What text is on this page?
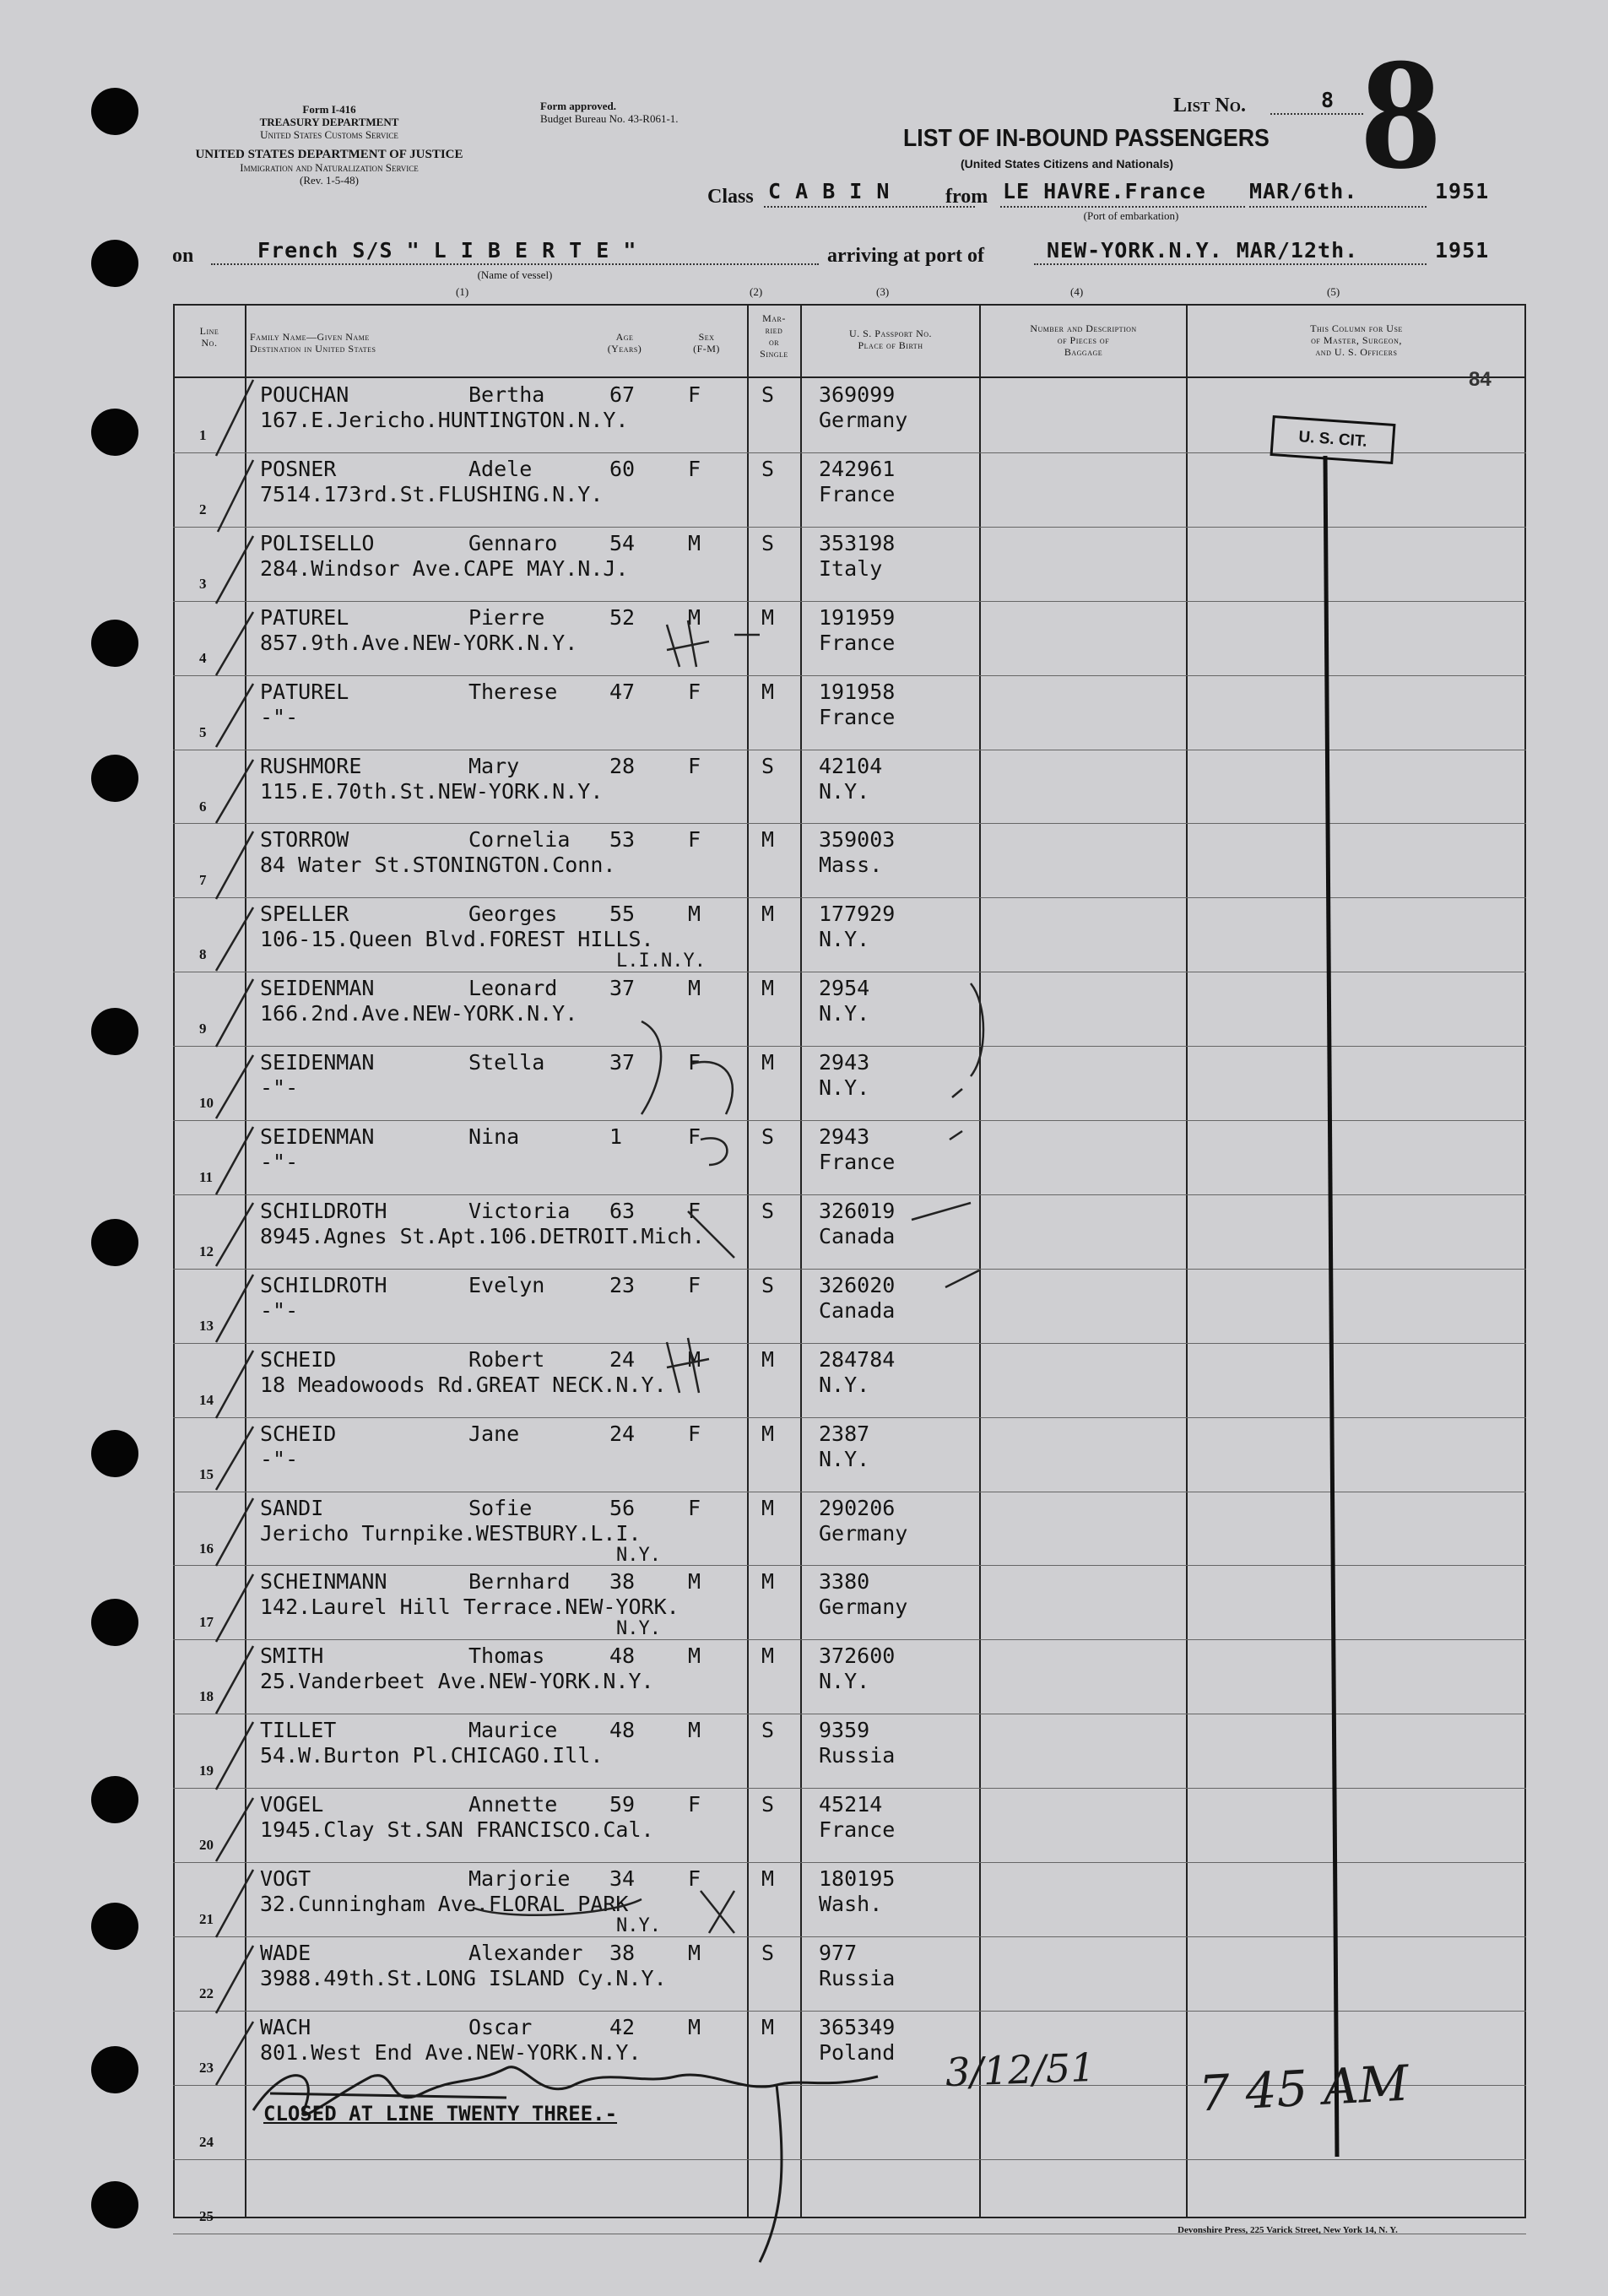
Form I-416
TREASURY DEPARTMENT
United States Customs Service
Form approved.
Budget Bureau No. 43-R061-1.
UNITED STATES DEPARTMENT OF JUSTICE
Immigration and Naturalization Service
(Rev. 1-5-48)
List No.	8 8
LIST OF IN-BOUND PASSENGERS
(United States Citizens and Nationals)
Class C A B I N	from LE HAVRE.France
(Port of embarkation)
MAR/6th.	1951
on	French S/S " L I B E R T E "
(Name of vessel)
arriving at port of	NEW-YORK.N.Y. MAR/12th.	1951
(1)	(2)	(3)	(4)	(5)
Line No.	Family Name—Given Name
Destination in United States
Age
(Years)
Sex
(F-M)
Mar-
ried
or
Single
U. S. Passport No.
Place of Birth
Number and Description
of Pieces of
Baggage
This Column for Use
of Master, Surgeon,
and U. S. Officers
1
POUCHAN	Bertha	67	F	S 369099
167.E.Jericho.HUNTINGTON.N.Y.	Germany
2
POSNER	Adele	60	F	S 242961
7514.173rd.St.FLUSHING.N.Y.	France
3
POLISELLO	Gennaro 54	M	S 353198
284.Windsor Ave.CAPE MAY.N.J.	Italy
4
PATUREL	Pierre	52	M	M 191959
857.9th.Ave.NEW-YORK.N.Y.	France
5
PATUREL	Therese 47	F	M 191958
-"-	France
6
RUSHMORE	Mary	28	F	S 42104
115.E.70th.St.NEW-YORK.N.Y.	N.Y.
7
STORROW	Cornelia 53	F	M 359003
84 Water St.STONINGTON.Conn.	Mass.
8
SPELLER	Georges 55	M	M 177929
106-15.Queen Blvd.FOREST HILLS.	N.Y.
L.I.N.Y.
9
SEIDENMAN	Leonard 37	M	M 2954
166.2nd.Ave.NEW-YORK.N.Y.	N.Y.
10
SEIDENMAN	Stella	37	F	M 2943
-"-	N.Y.
11
SEIDENMAN	Nina	1	F	S 2943
-"-	France
12
SCHILDROTH	Victoria 63	F	S 326019
8945.Agnes St.Apt.106.DETROIT.Mich.	Canada
13
SCHILDROTH	Evelyn	23	F	S 326020
-"-	Canada
14
SCHEID	Robert	24	M	M 284784
18 Meadowoods Rd.GREAT NECK.N.Y.	N.Y.
15
SCHEID	Jane	24	F	M 2387
-"-	N.Y.
16
SANDI	Sofie	56	F	M 290206
Jericho Turnpike.WESTBURY.L.I.	Germany
N.Y.
17
SCHEINMANN	Bernhard 38	M	M 3380
142.Laurel Hill Terrace.NEW-YORK.	Germany
N.Y.
18
SMITH	Thomas	48	M	M 372600
25.Vanderbeet Ave.NEW-YORK.N.Y.	N.Y.
19
TILLET	Maurice 48	M	S 9359
54.W.Burton Pl.CHICAGO.Ill.	Russia
20
VOGEL	Annette 59	F	S 45214
1945.Clay St.SAN FRANCISCO.Cal.	France
21
VOGT	Marjorie 34	F	M 180195
32.Cunningham Ave.FLORAL PARK	Wash.
N.Y.
22
WADE	Alexander 38	M	S 977
3988.49th.St.LONG ISLAND Cy.N.Y.	Russia
23
WACH	Oscar	42	M	M 365349
801.West End Ave.NEW-YORK.N.Y.	Poland
24
25
U. S. CIT.
84
3/12/51 7 45 AM
CLOSED AT LINE TWENTY THREE.-
Devonshire Press, 225 Varick Street, New York 14, N. Y.
